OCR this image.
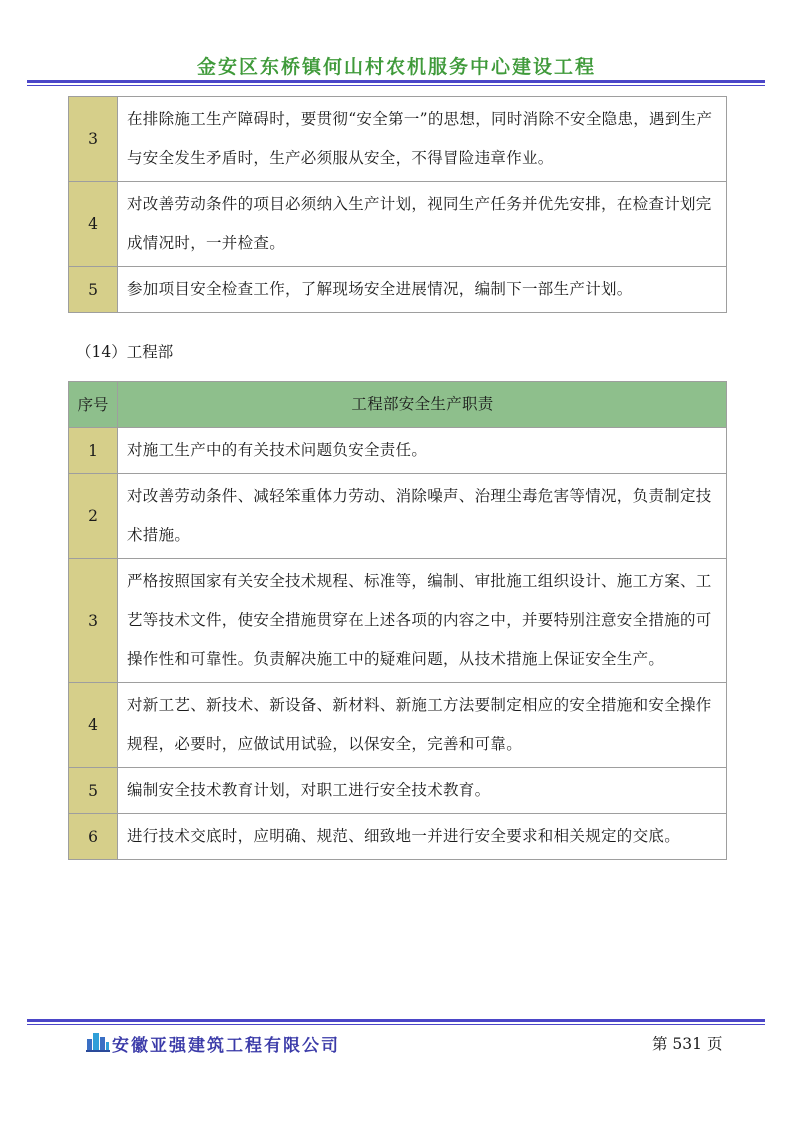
金安区东桥镇何山村农机服务中心建设工程
3	在排除施工生产障碍时，要贯彻“安全第一”的思想，同时消除不安全隐患，遇到生产与安全发生矛盾时，生产必须服从安全，不得冒险违章作业。
4	对改善劳动条件的项目必须纳入生产计划，视同生产任务并优先安排，在检查计划完成情况时，一并检查。
5	参加项目安全检查工作，了解现场安全进展情况，编制下一部生产计划。
（14）工程部
序号	工程部安全生产职责
1	对施工生产中的有关技术问题负安全责任。
2	对改善劳动条件、减轻笨重体力劳动、消除噪声、治理尘毒危害等情况，负责制定技术措施。
3	严格按照国家有关安全技术规程、标准等，编制、审批施工组织设计、施工方案、工艺等技术文件，使安全措施贯穿在上述各项的内容之中，并要特别注意安全措施的可操作性和可靠性。负责解决施工中的疑难问题，从技术措施上保证安全生产。
4	对新工艺、新技术、新设备、新材料、新施工方法要制定相应的安全措施和安全操作规程，必要时，应做试用试验，以保安全，完善和可靠。
5	编制安全技术教育计划，对职工进行安全技术教育。
6	进行技术交底时，应明确、规范、细致地一并进行安全要求和相关规定的交底。
安徽亚强建筑工程有限公司	第 531 页
